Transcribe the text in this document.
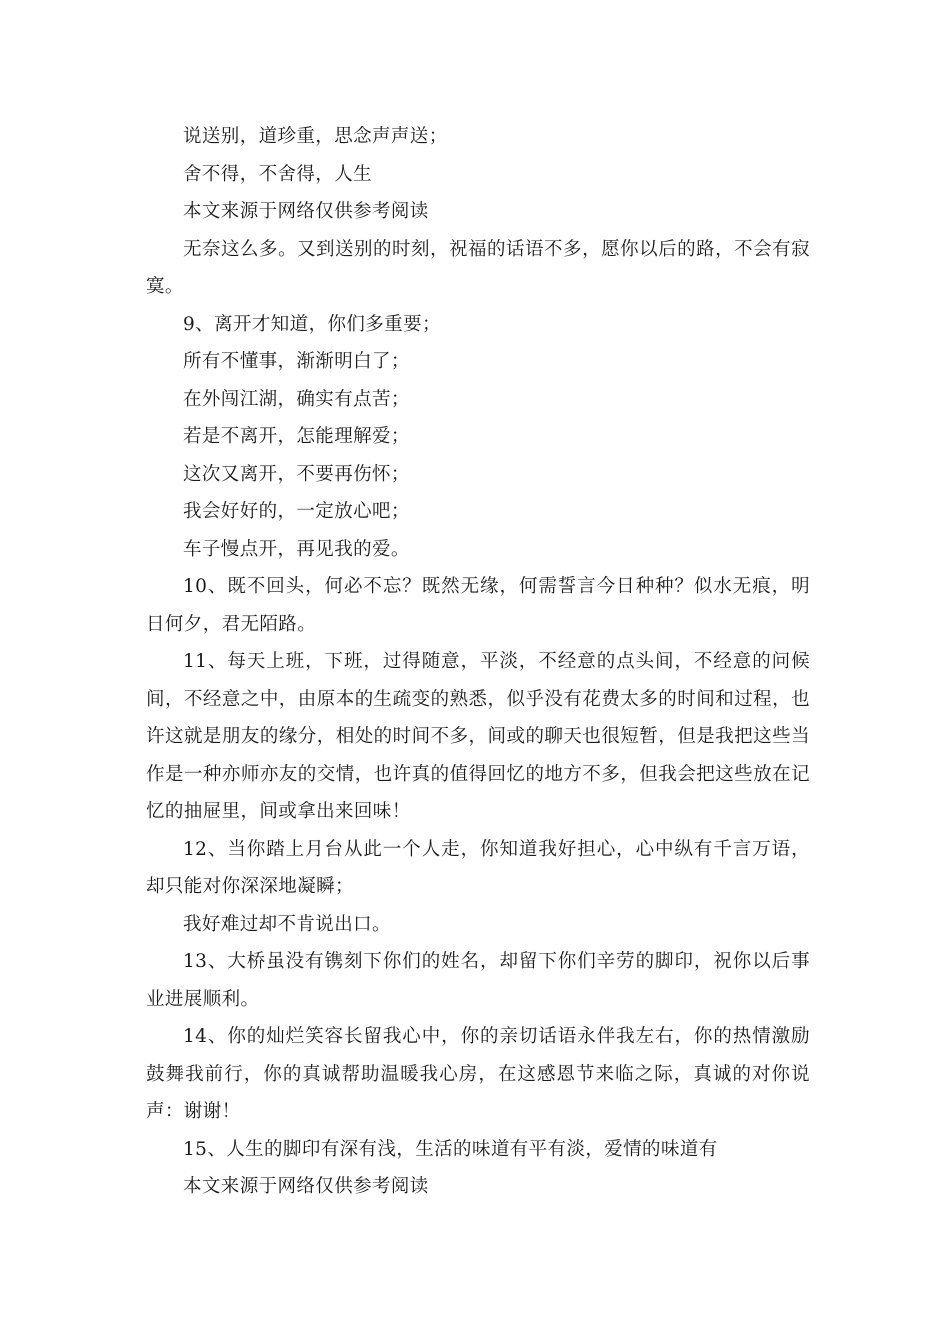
说送别，道珍重，思念声声送；
舍不得，不舍得，人生
本文来源于网络仅供参考阅读
无奈这么多。又到送别的时刻，祝福的话语不多，愿你以后的路，不会有寂寞。
9、离开才知道，你们多重要；
所有不懂事，渐渐明白了；
在外闯江湖，确实有点苦；
若是不离开，怎能理解爱；
这次又离开，不要再伤怀；
我会好好的，一定放心吧；
车子慢点开，再见我的爱。
10、既不回头，何必不忘？既然无缘，何需誓言今日种种？似水无痕，明日何夕，君无陌路。
11、每天上班，下班，过得随意，平淡，不经意的点头间，不经意的问候间，不经意之中，由原本的生疏变的熟悉，似乎没有花费太多的时间和过程，也许这就是朋友的缘分，相处的时间不多，间或的聊天也很短暂，但是我把这些当作是一种亦师亦友的交情，也许真的值得回忆的地方不多，但我会把这些放在记忆的抽屉里，间或拿出来回味！
12、当你踏上月台从此一个人走，你知道我好担心，心中纵有千言万语，却只能对你深深地凝瞬；
我好难过却不肯说出口。
13、大桥虽没有镌刻下你们的姓名，却留下你们辛劳的脚印，祝你以后事业进展顺利。
14、你的灿烂笑容长留我心中，你的亲切话语永伴我左右，你的热情激励鼓舞我前行，你的真诚帮助温暖我心房，在这感恩节来临之际，真诚的对你说声：谢谢！
15、人生的脚印有深有浅，生活的味道有平有淡，爱情的味道有
本文来源于网络仅供参考阅读
